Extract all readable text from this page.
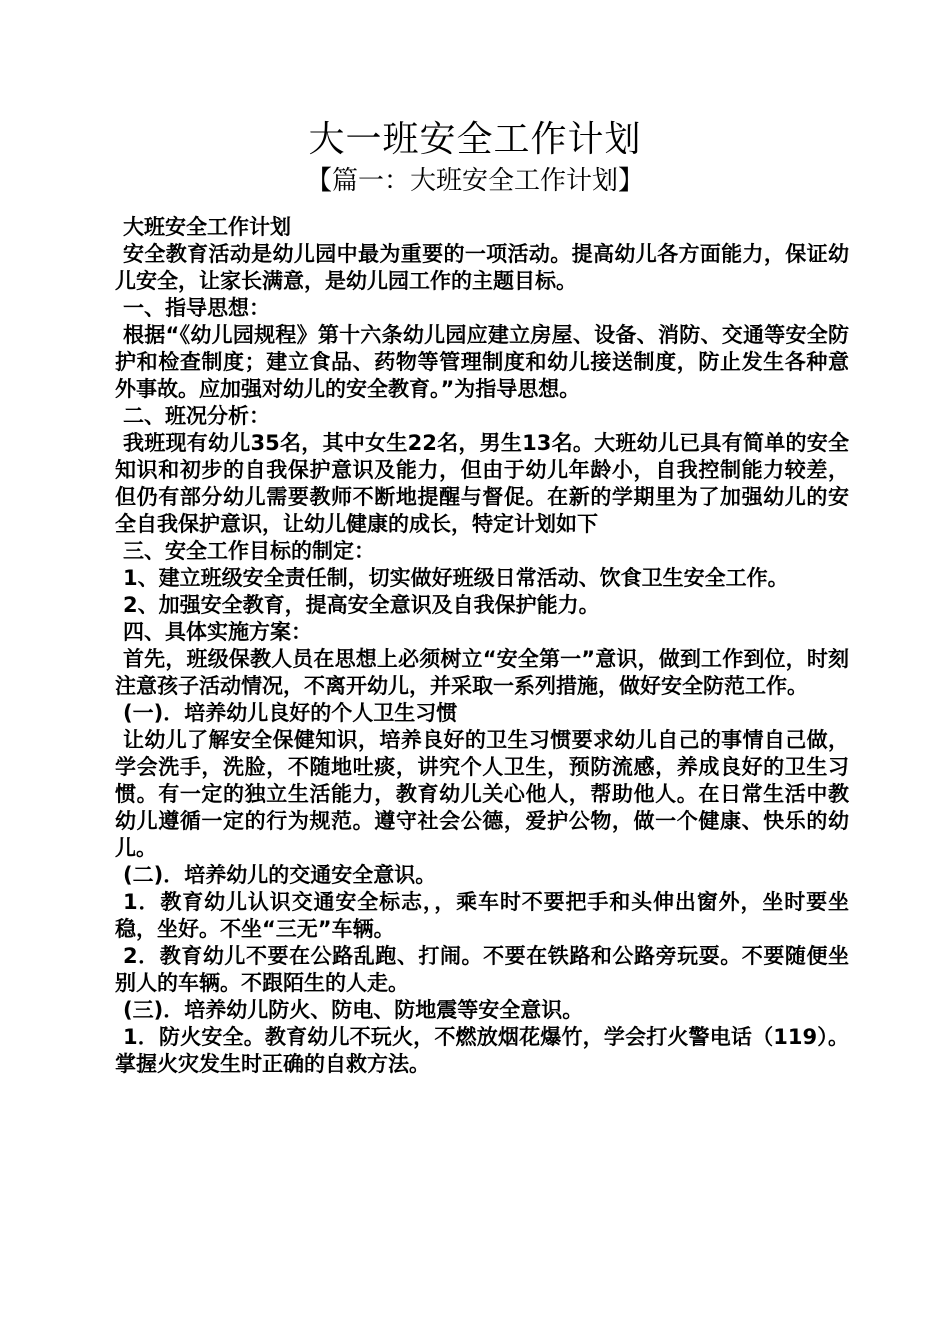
大一班安全工作计划
【篇一：大班安全工作计划】

大班安全工作计划

安全教育活动是幼儿园中最为重要的一项活动。提高幼儿各方面能力，保证幼儿安全，让家长满意，是幼儿园工作的主题目标。

一、指导思想：

根据“《幼儿园规程》第十六条幼儿园应建立房屋、设备、消防、交通等安全防护和检查制度；建立食品、药物等管理制度和幼儿接送制度，防止发生各种意外事故。应加强对幼儿的安全教育。”为指导思想。

二、班况分析：

我班现有幼儿35名，其中女生22名，男生13名。大班幼儿已具有简单的安全知识和初步的自我保护意识及能力，但由于幼儿年龄小，自我控制能力较差，但仍有部分幼儿需要教师不断地提醒与督促。在新的学期里为了加强幼儿的安全自我保护意识，让幼儿健康的成长，特定计划如下

三、安全工作目标的制定：

1、建立班级安全责任制，切实做好班级日常活动、饮食卫生安全工作。

2、加强安全教育，提高安全意识及自我保护能力。

四、具体实施方案：

首先，班级保教人员在思想上必须树立“安全第一”意识，做到工作到位，时刻注意孩子活动情况，不离开幼儿，并采取一系列措施，做好安全防范工作。

(一)．培养幼儿良好的个人卫生习惯

让幼儿了解安全保健知识，培养良好的卫生习惯要求幼儿自己的事情自己做，学会洗手，洗脸，不随地吐痰，讲究个人卫生，预防流感，养成良好的卫生习惯。有一定的独立生活能力，教育幼儿关心他人，帮助他人。在日常生活中教幼儿遵循一定的行为规范。遵守社会公德，爱护公物，做一个健康、快乐的幼儿。

(二)．培养幼儿的交通安全意识。

1．教育幼儿认识交通安全标志，，乘车时不要把手和头伸出窗外，坐时要坐稳，坐好。不坐“三无”车辆。

2．教育幼儿不要在公路乱跑、打闹。不要在铁路和公路旁玩耍。不要随便坐别人的车辆。不跟陌生的人走。

(三)．培养幼儿防火、防电、防地震等安全意识。

1．防火安全。教育幼儿不玩火，不燃放烟花爆竹，学会打火警电话（119）。掌握火灾发生时正确的自救方法。
